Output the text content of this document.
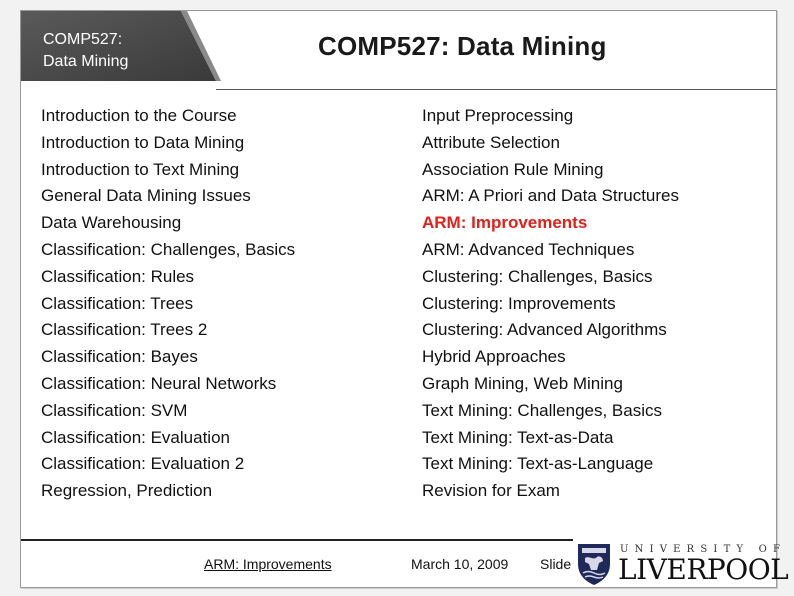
COMP527:
Data Mining
COMP527: Data Mining
Introduction to the Course
Introduction to Data Mining
Introduction to Text Mining
General Data Mining Issues
Data Warehousing
Classification: Challenges, Basics
Classification: Rules
Classification: Trees
Classification: Trees 2
Classification: Bayes
Classification: Neural Networks
Classification: SVM
Classification: Evaluation
Classification: Evaluation 2
Regression, Prediction
Input Preprocessing
Attribute Selection
Association Rule Mining
ARM: A Priori and Data Structures
ARM: Improvements
ARM: Advanced Techniques
Clustering: Challenges, Basics
Clustering: Improvements
Clustering: Advanced Algorithms
Hybrid Approaches
Graph Mining, Web Mining
Text Mining: Challenges, Basics
Text Mining: Text-as-Data
Text Mining: Text-as-Language
Revision for Exam
ARM: Improvements	March 10, 2009 Slide
UNIVERSITY OF
LIVERPOOL
